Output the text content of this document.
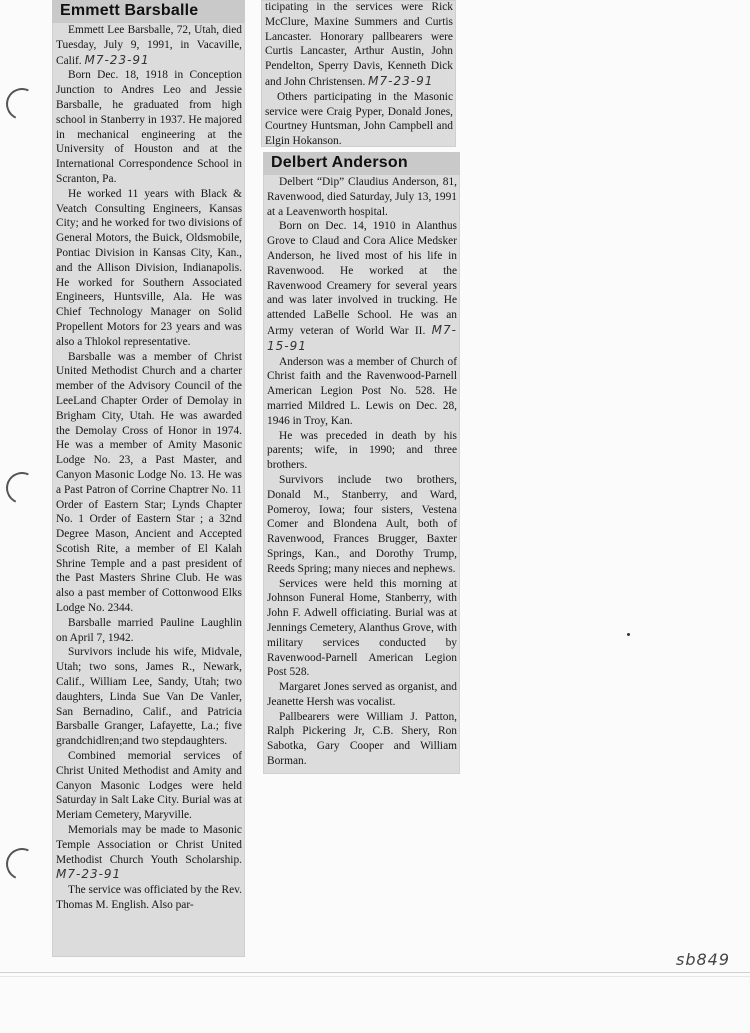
Emmett Barsballe

Emmett Lee Barsballe, 72, Utah, died Tuesday, July 9, 1991, in Vacaville, Calif. M7-23-91

Born Dec. 18, 1918 in Conception Junction to Andres Leo and Jessie Barsballe, he graduated from high school in Stanberry in 1937. He majored in mechanical engineering at the University of Houston and at the International Correspondence School in Scranton, Pa.

He worked 11 years with Black & Veatch Consulting Engineers, Kansas City; and he worked for two divisions of General Motors, the Buick, Oldsmobile, Pontiac Division in Kansas City, Kan., and the Allison Division, Indianapolis. He worked for Southern Associated Engineers, Huntsville, Ala. He was Chief Technology Manager on Solid Propellent Motors for 23 years and was also a Thlokol representative.

Barsballe was a member of Christ United Methodist Church and a charter member of the Advisory Council of the LeeLand Chapter Order of Demolay in Brigham City, Utah. He was awarded the Demolay Cross of Honor in 1974. He was a member of Amity Masonic Lodge No. 23, a Past Master, and Canyon Masonic Lodge No. 13. He was a Past Patron of Corrine Chaptrer No. 11 Order of Eastern Star; Lynds Chapter No. 1 Order of Eastern Star ; a 32nd Degree Mason, Ancient and Accepted Scotish Rite, a member of El Kalah Shrine Temple and a past president of the Past Masters Shrine Club. He was also a past member of Cottonwood Elks Lodge No. 2344.

Barsballe married Pauline Laughlin on April 7, 1942.

Survivors include his wife, Midvale, Utah; two sons, James R., Newark, Calif., William Lee, Sandy, Utah; two daughters, Linda Sue Van De Vanler, San Bernadino, Calif., and Patricia Barsballe Granger, Lafayette, La.; five grandchidlren;and two stepdaughters.

Combined memorial services of Christ United Methodist and Amity and Canyon Masonic Lodges were held Saturday in Salt Lake City. Burial was at Meriam Cemetery, Maryville.

Memorials may be made to Masonic Temple Association or Christ United Methodist Church Youth Scholarship. M7-23-91

The service was officiated by the Rev. Thomas M. English. Also par-

ticipating in the services were Rick McClure, Maxine Summers and Curtis Lancaster. Honorary pallbearers were Curtis Lancaster, Arthur Austin, John Pendelton, Sperry Davis, Kenneth Dick and John Christensen. M7-23-91

Others participating in the Masonic service were Craig Pyper, Donald Jones, Courtney Huntsman, John Campbell and Elgin Hokanson.

Delbert Anderson

Delbert “Dip” Claudius Anderson, 81, Ravenwood, died Saturday, July 13, 1991 at a Leavenworth hospital.

Born on Dec. 14, 1910 in Alanthus Grove to Claud and Cora Alice Medsker Anderson, he lived most of his life in Ravenwood. He worked at the Ravenwood Creamery for several years and was later involved in trucking. He attended LaBelle School. He was an Army veteran of World War II. M7-15-91

Anderson was a member of Church of Christ faith and the Ravenwood-Parnell American Legion Post No. 528. He married Mildred L. Lewis on Dec. 28, 1946 in Troy, Kan.

He was preceded in death by his parents; wife, in 1990; and three brothers.

Survivors include two brothers, Donald M., Stanberry, and Ward, Pomeroy, Iowa; four sisters, Vestena Comer and Blondena Ault, both of Ravenwood, Frances Brugger, Baxter Springs, Kan., and Dorothy Trump, Reeds Spring; many nieces and nephews.

Services were held this morning at Johnson Funeral Home, Stanberry, with John F. Adwell officiating. Burial was at Jennings Cemetery, Alanthus Grove, with military services conducted by Ravenwood-Parnell American Legion Post 528.

Margaret Jones served as organist, and Jeanette Hersh was vocalist.

Pallbearers were William J. Patton, Ralph Pickering Jr, C.B. Shery, Ron Sabotka, Gary Cooper and William Borman.

sb849
